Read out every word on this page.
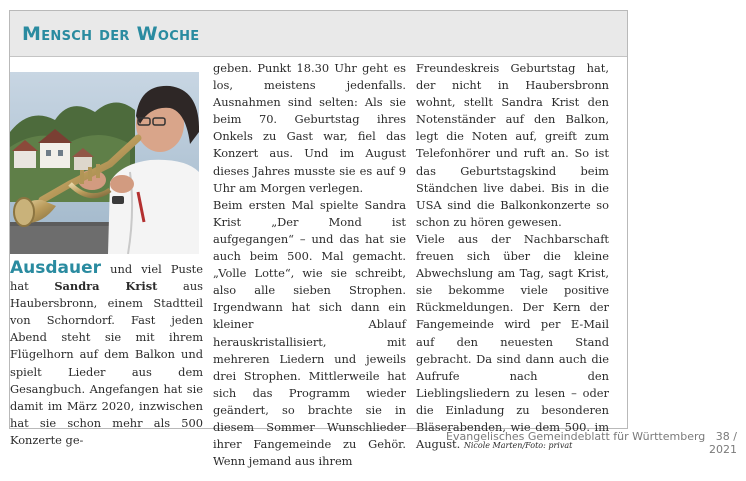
Mensch der Woche

Ausdauer und viel Puste hat Sandra Krist aus Haubersbronn, einem Stadtteil von Schorndorf. Fast jeden Abend steht sie mit ihrem Flügelhorn auf dem Balkon und spielt Lieder aus dem Gesangbuch. Angefangen hat sie damit im März 2020, inzwischen hat sie schon mehr als 500 Konzerte ge-

geben. Punkt 18.30 Uhr geht es los, meistens jedenfalls. Ausnahmen sind selten: Als sie beim 70. Geburtstag ihres Onkels zu Gast war, fiel das Konzert aus. Und im August dieses Jahres musste sie es auf 9 Uhr am Morgen verlegen.

Beim ersten Mal spielte Sandra Krist „Der Mond ist aufgegangen“ – und das hat sie auch beim 500. Mal gemacht. „Volle Lotte“, wie sie schreibt, also alle sieben Strophen. Irgendwann hat sich dann ein kleiner Ablauf herauskristallisiert, mit mehreren Liedern und jeweils drei Strophen. Mittlerweile hat sich das Programm wieder geändert, so brachte sie in diesem Sommer Wunschlieder ihrer Fangemeinde zu Gehör. Wenn jemand aus ihrem

Freundeskreis Geburtstag hat, der nicht in Haubersbronn wohnt, stellt Sandra Krist den Notenständer auf den Balkon, legt die Noten auf, greift zum Telefonhörer und ruft an. So ist das Geburtstagskind beim Ständchen live dabei. Bis in die USA sind die Balkonkonzerte so schon zu hören gewesen.

Viele aus der Nachbarschaft freuen sich über die kleine Abwechslung am Tag, sagt Krist, sie bekomme viele positive Rückmeldungen. Der Kern der Fangemeinde wird per E-Mail auf den neuesten Stand gebracht. Da sind dann auch die Aufrufe nach den Lieblingsliedern zu lesen – oder die Einladung zu besonderen Bläserabenden, wie dem 500. im August. Nicole Marten/Foto: privat

Evangelisches Gemeindeblatt für Württemberg 38 / 2021
